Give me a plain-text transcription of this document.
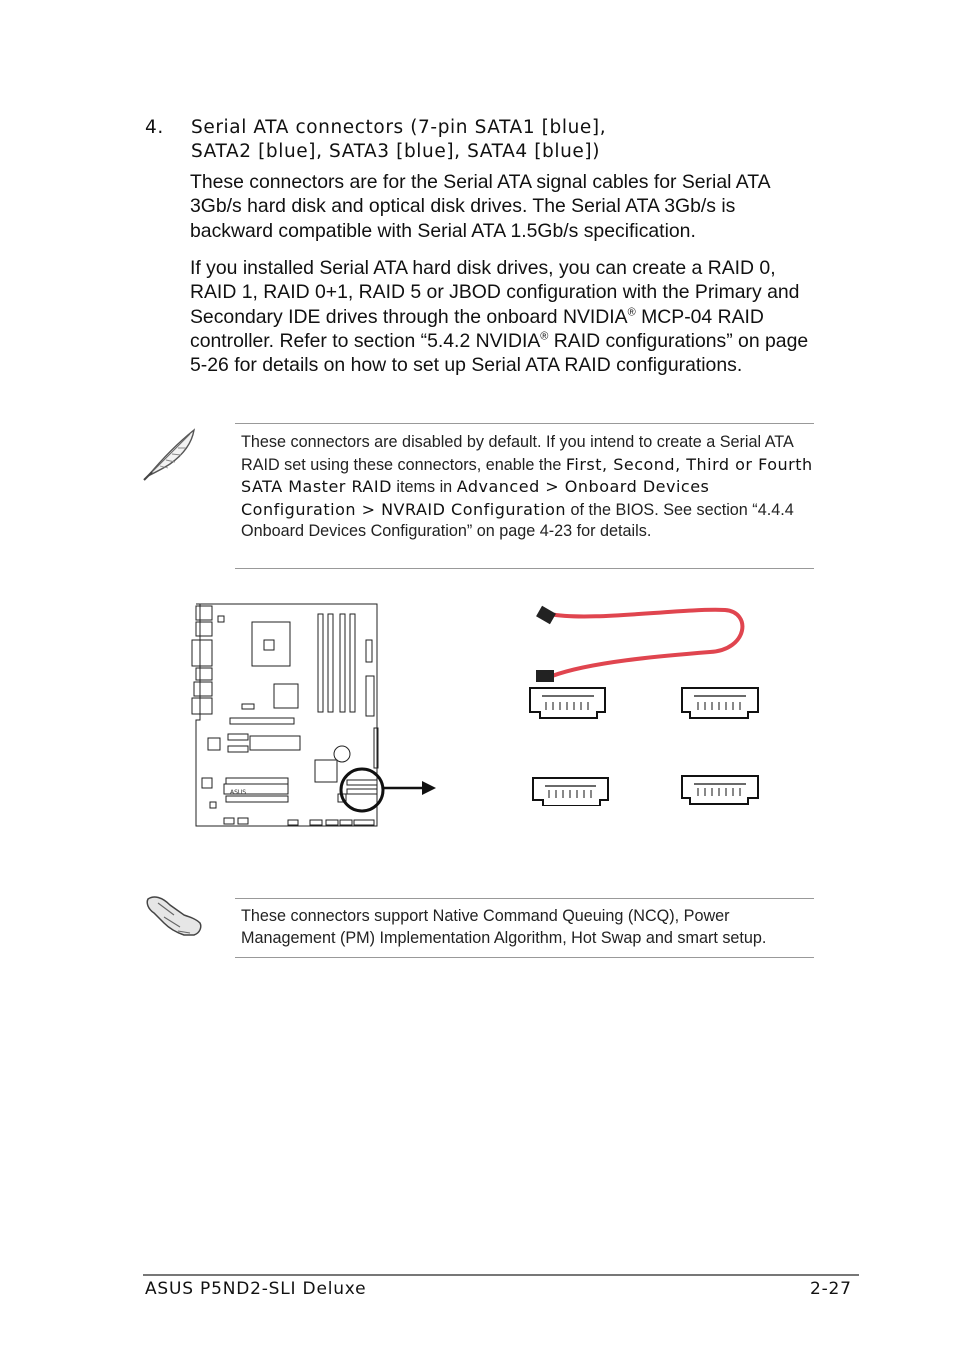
4. Serial ATA connectors (7-pin SATA1 [blue],
SATA2 [blue], SATA3 [blue], SATA4 [blue])
These connectors are for the Serial ATA signal cables for Serial ATA 3Gb/s hard disk and optical disk drives. The Serial ATA 3Gb/s is backward compatible with Serial ATA 1.5Gb/s specification.
If you installed Serial ATA hard disk drives, you can create a RAID 0, RAID 1, RAID 0+1, RAID 5 or JBOD configuration with the Primary and Secondary IDE drives through the onboard NVIDIA® MCP-04 RAID controller. Refer to section “5.4.2 NVIDIA® RAID configurations” on page 5-26 for details on how to set up Serial ATA RAID configurations.
These connectors are disabled by default. If you intend to create a Serial ATA RAID set using these connectors, enable the First, Second, Third or Fourth SATA Master RAID items in Advanced > Onboard Devices Configuration > NVRAID Configuration of the BIOS. See section “4.4.4 Onboard Devices Configuration” on page 4-23 for details.
ASUS
These connectors support Native Command Queuing (NCQ), Power Management (PM) Implementation Algorithm, Hot Swap and smart setup.
ASUS P5ND2-SLI Deluxe	2-27
